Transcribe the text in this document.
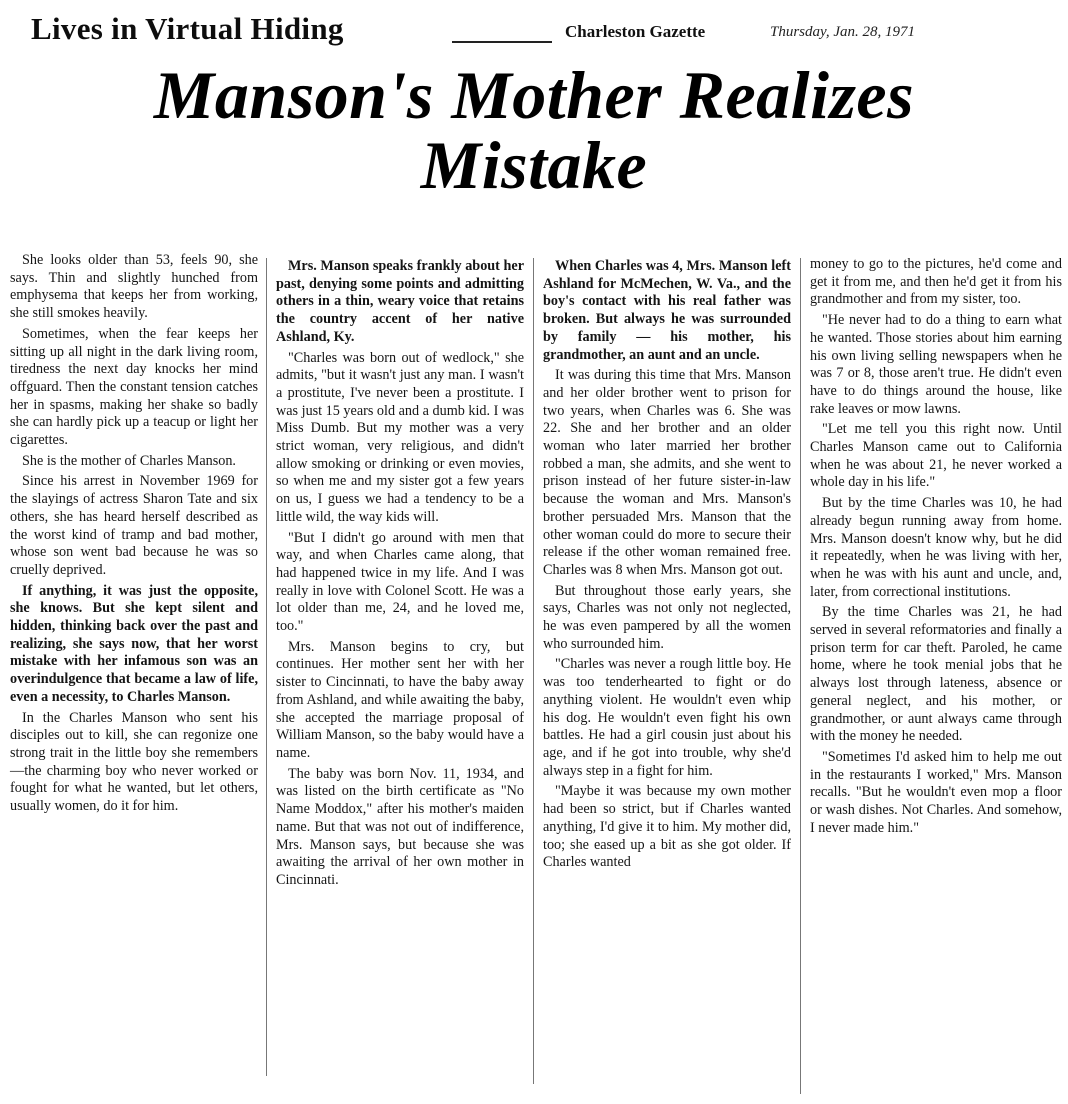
Lives in Virtual Hiding	Charleston Gazette	Thursday, Jan. 28, 1971
Manson's Mother Realizes
Mistake

She looks older than 53, feels 90, she says. Thin and slightly hunched from emphysema that keeps her from working, she still smokes heavily.

Sometimes, when the fear keeps her sitting up all night in the dark living room, tiredness the next day knocks her mind offguard. Then the constant tension catches her in spasms, making her shake so badly she can hardly pick up a teacup or light her cigarettes.

She is the mother of Charles Manson.

Since his arrest in November 1969 for the slayings of actress Sharon Tate and six others, she has heard herself described as the worst kind of tramp and bad mother, whose son went bad because he was so cruelly deprived.

If anything, it was just the opposite, she knows. But she kept silent and hidden, thinking back over the past and realizing, she says now, that her worst mistake with her infamous son was an overindulgence that became a law of life, even a necessity, to Charles Manson.

In the Charles Manson who sent his disciples out to kill, she can regonize one strong trait in the little boy she remembers—the charming boy who never worked or fought for what he wanted, but let others, usually women, do it for him.

Mrs. Manson speaks frankly about her past, denying some points and admitting others in a thin, weary voice that retains the country accent of her native Ashland, Ky.

"Charles was born out of wedlock," she admits, "but it wasn't just any man. I wasn't a prostitute, I've never been a prostitute. I was just 15 years old and a dumb kid. I was Miss Dumb. But my mother was a very strict woman, very religious, and didn't allow smoking or drinking or even movies, so when me and my sister got a few years on us, I guess we had a tendency to be a little wild, the way kids will.

"But I didn't go around with men that way, and when Charles came along, that had happened twice in my life. And I was really in love with Colonel Scott. He was a lot older than me, 24, and he loved me, too."

Mrs. Manson begins to cry, but continues. Her mother sent her with her sister to Cincinnati, to have the baby away from Ashland, and while awaiting the baby, she accepted the marriage proposal of William Manson, so the baby would have a name.

The baby was born Nov. 11, 1934, and was listed on the birth certificate as "No Name Moddox," after his mother's maiden name. But that was not out of indifference, Mrs. Manson says, but because she was awaiting the arrival of her own mother in Cincinnati.

When Charles was 4, Mrs. Manson left Ashland for McMechen, W. Va., and the boy's contact with his real father was broken. But always he was surrounded by family — his mother, his grandmother, an aunt and an uncle.

It was during this time that Mrs. Manson and her older brother went to prison for two years, when Charles was 6. She was 22. She and her brother and an older woman who later married her brother robbed a man, she admits, and she went to prison instead of her future sister-in-law because the woman and Mrs. Manson's brother persuaded Mrs. Manson that the other woman could do more to secure their release if the other woman remained free. Charles was 8 when Mrs. Manson got out.

But throughout those early years, she says, Charles was not only not neglected, he was even pampered by all the women who surrounded him.

"Charles was never a rough little boy. He was too tenderhearted to fight or do anything violent. He wouldn't even whip his dog. He wouldn't even fight his own battles. He had a girl cousin just about his age, and if he got into trouble, why she'd always step in a fight for him.

"Maybe it was because my own mother had been so strict, but if Charles wanted anything, I'd give it to him. My mother did, too; she eased up a bit as she got older. If Charles wanted

money to go to the pictures, he'd come and get it from me, and then he'd get it from his grandmother and from my sister, too.

"He never had to do a thing to earn what he wanted. Those stories about him earning his own living selling newspapers when he was 7 or 8, those aren't true. He didn't even have to do things around the house, like rake leaves or mow lawns.

"Let me tell you this right now. Until Charles Manson came out to California when he was about 21, he never worked a whole day in his life."

But by the time Charles was 10, he had already begun running away from home. Mrs. Manson doesn't know why, but he did it repeatedly, when he was living with her, when he was with his aunt and uncle, and, later, from correctional institutions.

By the time Charles was 21, he had served in several reformatories and finally a prison term for car theft. Paroled, he came home, where he took menial jobs that he always lost through lateness, absence or general neglect, and his mother, or grandmother, or aunt always came through with the money he needed.

"Sometimes I'd asked him to help me out in the restaurants I worked," Mrs. Manson recalls. "But he wouldn't even mop a floor or wash dishes. Not Charles. And somehow, I never made him."
